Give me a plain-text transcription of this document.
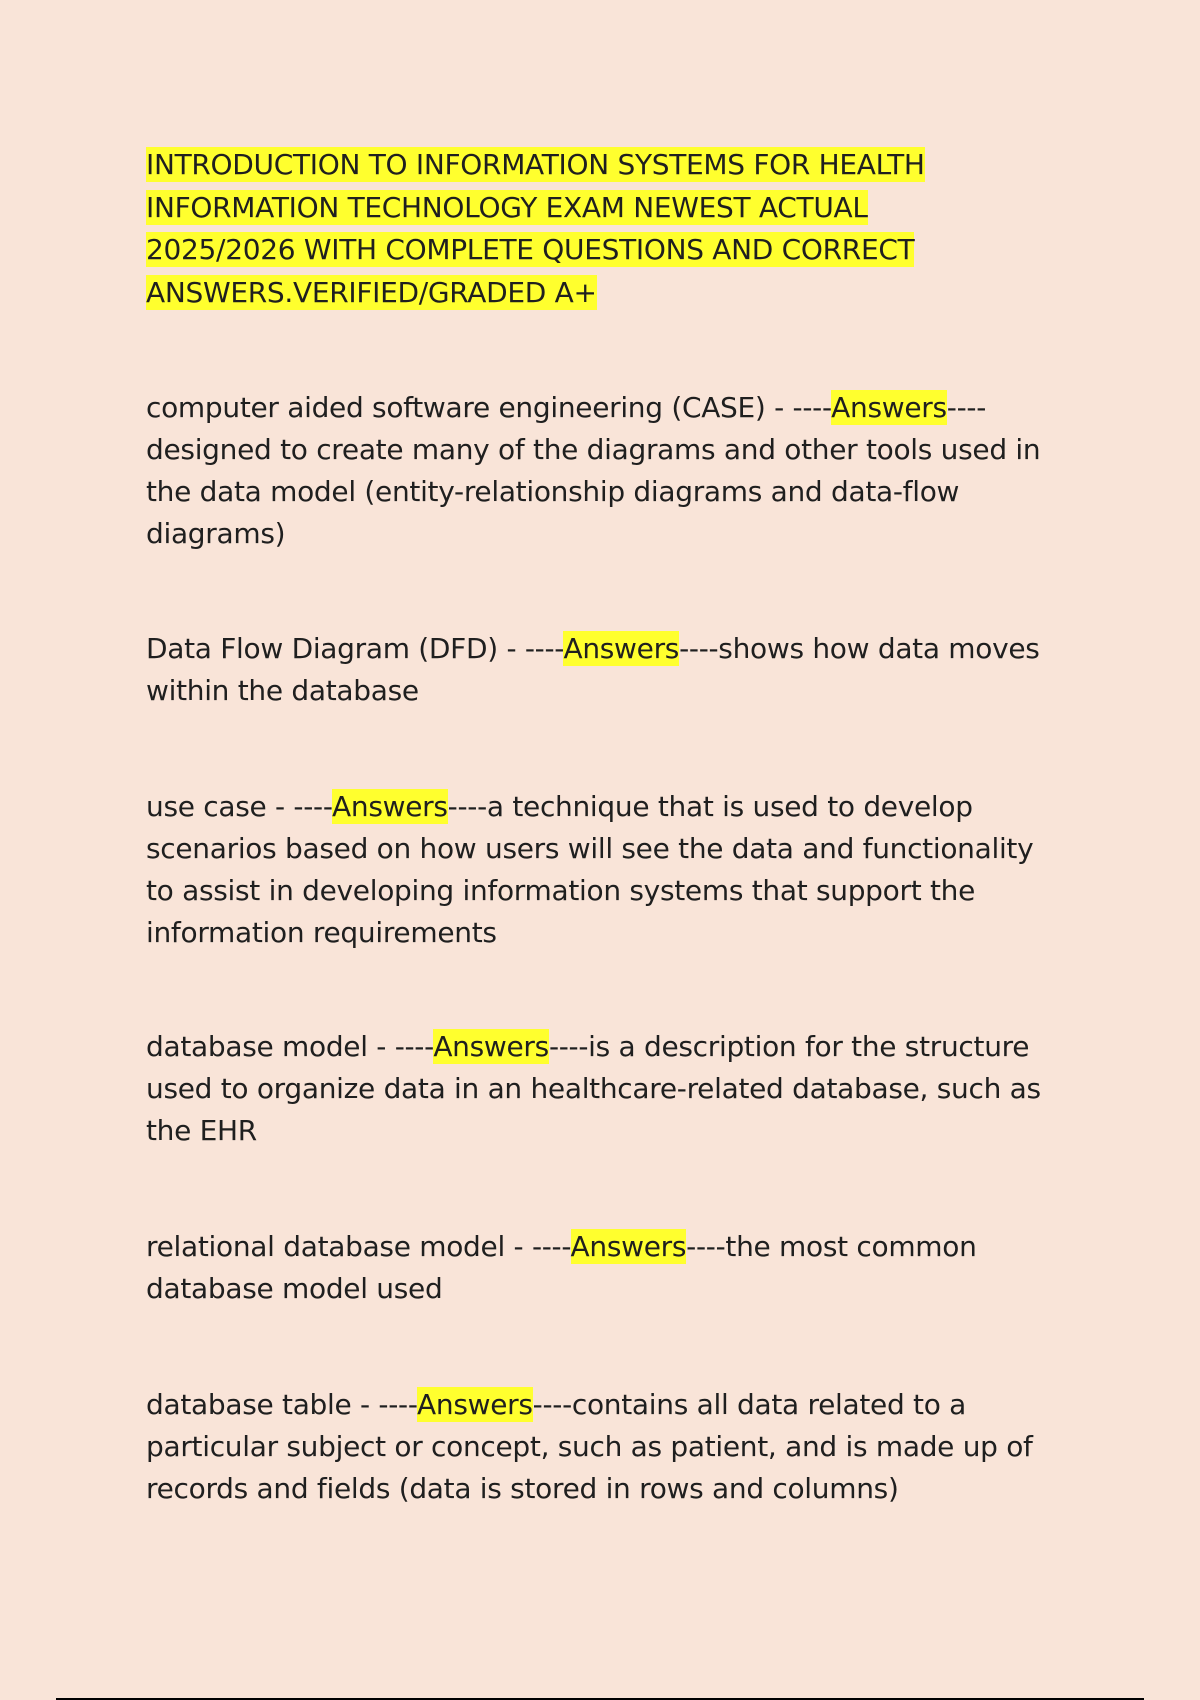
INTRODUCTION TO INFORMATION SYSTEMS FOR HEALTH INFORMATION TECHNOLOGY EXAM NEWEST ACTUAL 2025/2026 WITH COMPLETE QUESTIONS AND CORRECT ANSWERS.VERIFIED/GRADED A+

computer aided software engineering (CASE) - ----Answers----designed to create many of the diagrams and other tools used in the data model (entity-relationship diagrams and data-flow diagrams)

Data Flow Diagram (DFD) - ----Answers----shows how data moves within the database

use case - ----Answers----a technique that is used to develop scenarios based on how users will see the data and functionality to assist in developing information systems that support the information requirements

database model - ----Answers----is a description for the structure used to organize data in an healthcare-related database, such as the EHR

relational database model - ----Answers----the most common database model used

database table - ----Answers----contains all data related to a particular subject or concept, such as patient, and is made up of records and fields (data is stored in rows and columns)
